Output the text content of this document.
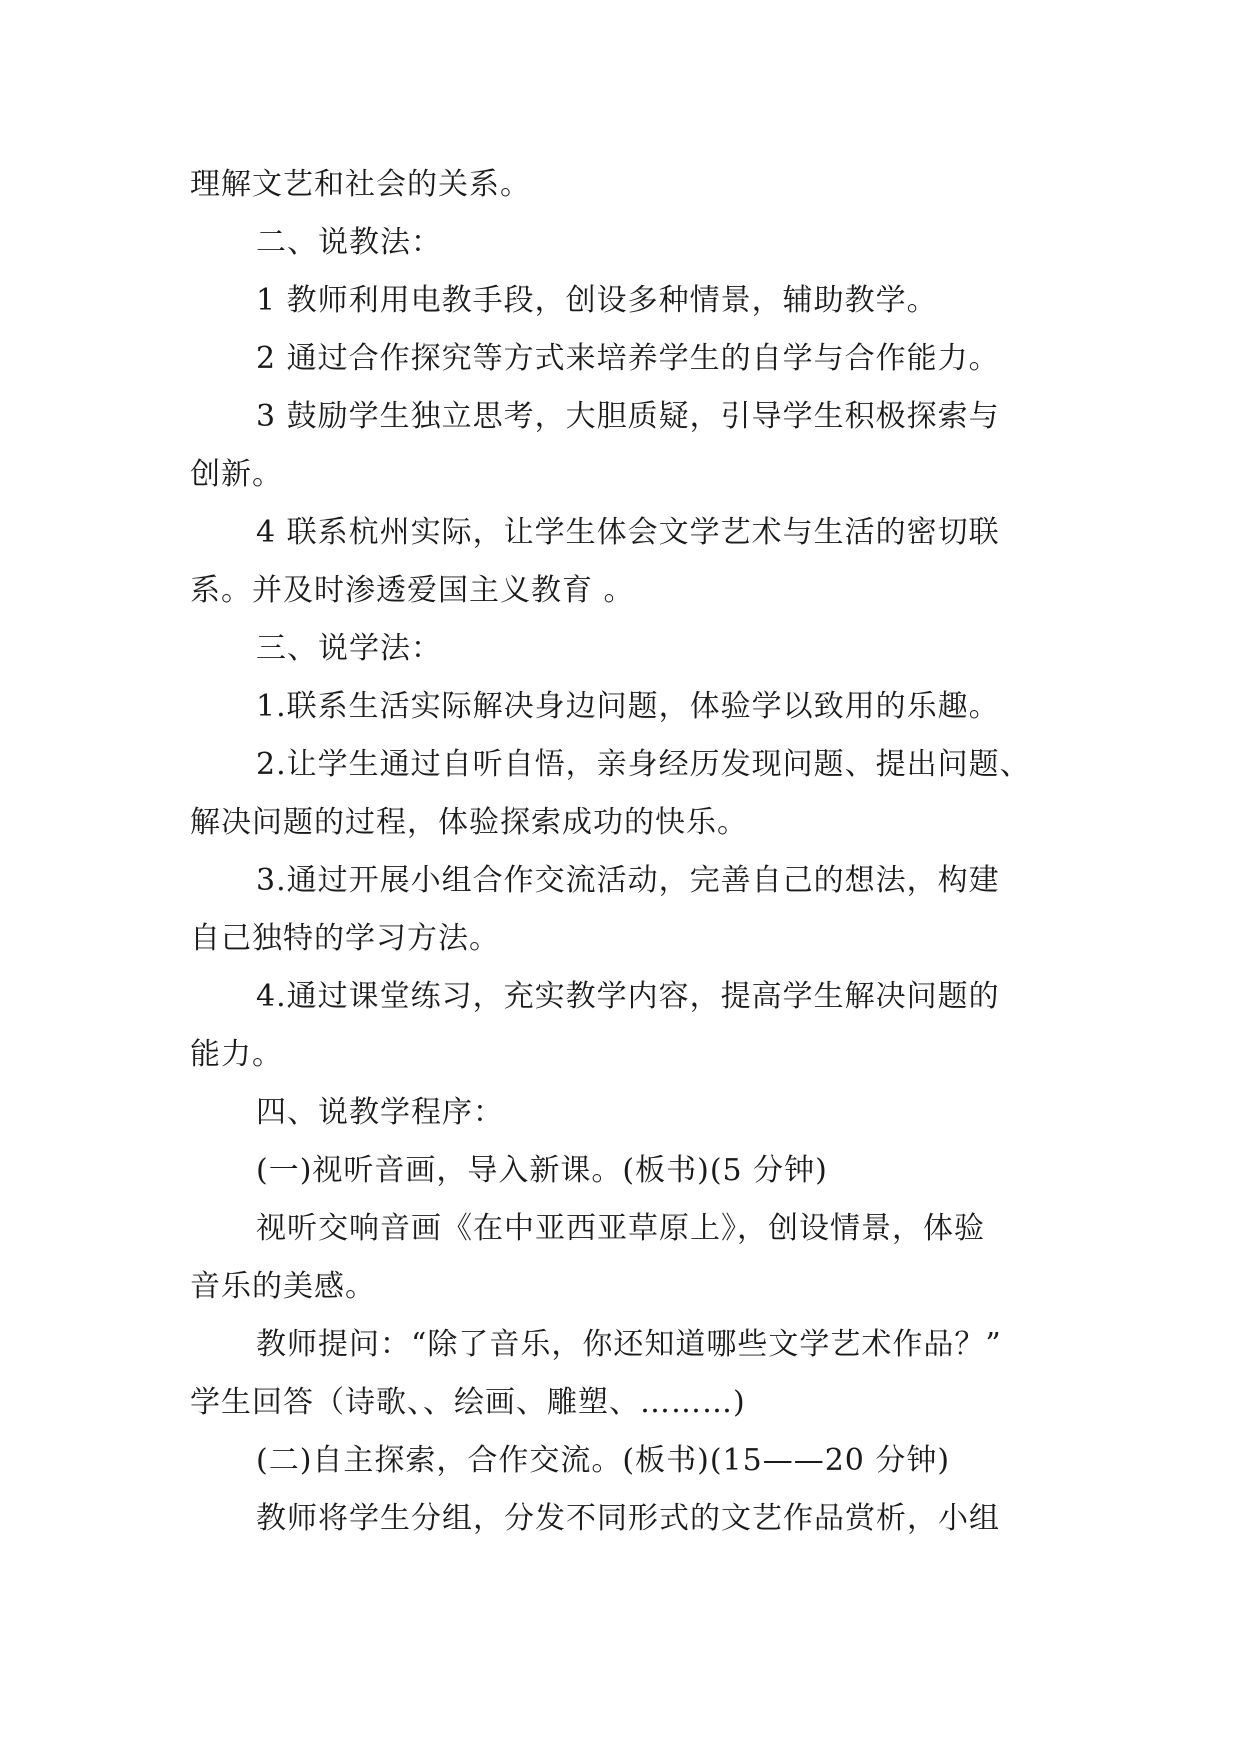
理解文艺和社会的关系。
二、说教法：
1 教师利用电教手段，创设多种情景，辅助教学。
2 通过合作探究等方式来培养学生的自学与合作能力。
3 鼓励学生独立思考，大胆质疑，引导学生积极探索与
创新。
4 联系杭州实际，让学生体会文学艺术与生活的密切联
系。并及时渗透爱国主义教育 。
三、说学法：
1.联系生活实际解决身边问题，体验学以致用的乐趣。
2.让学生通过自听自悟，亲身经历发现问题、提出问题、
解决问题的过程，体验探索成功的快乐。
3.通过开展小组合作交流活动，完善自己的想法，构建
自己独特的学习方法。
4.通过课堂练习，充实教学内容，提高学生解决问题的
能力。
四、说教学程序：
(一)视听音画，导入新课。(板书)(5 分钟)
视听交响音画《在中亚西亚草原上》，创设情景，体验
音乐的美感。
教师提问：“除了音乐，你还知道哪些文学艺术作品？”
学生回答（诗歌、、绘画、雕塑、………)
(二)自主探索，合作交流。(板书)(15——20 分钟)
教师将学生分组，分发不同形式的文艺作品赏析，小组
